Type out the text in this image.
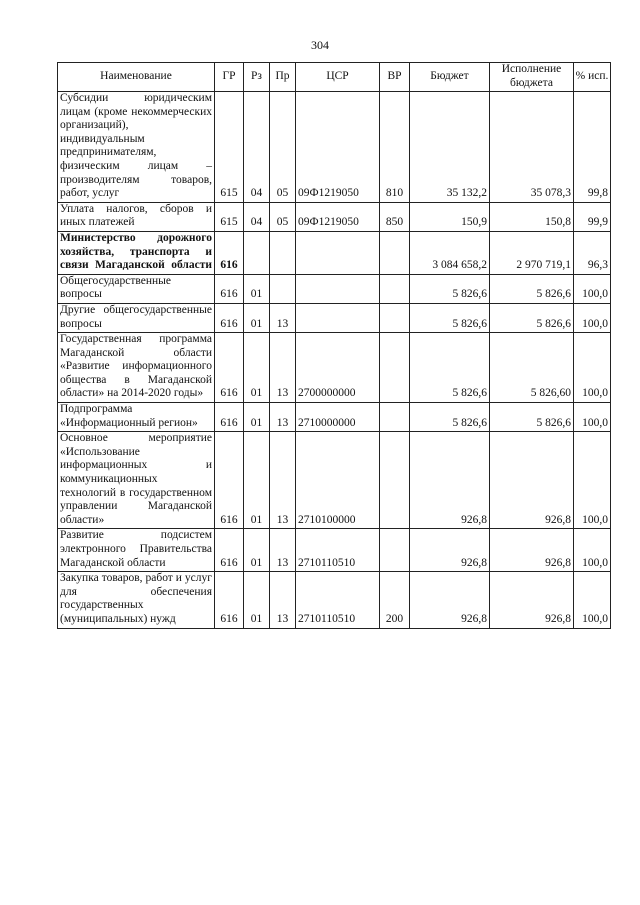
304
Наименование	ГР	Рз	Пр	ЦСР	ВР	Бюджет	Исполнение бюджета	% исп.
Субсидии юридическим лицам (кроме некоммерческих организаций), индивидуальным предпринимателям, физическим лицам – производителям товаров, работ, услуг	615	04	05	09Ф1219050	810	35 132,2	35 078,3	99,8
Уплата налогов, сборов и иных платежей	615	04	05	09Ф1219050	850	150,9	150,8	99,9
Министерство дорожного хозяйства, транспорта и связи Магаданской области	616					3 084 658,2	2 970 719,1	96,3
Общегосударственные вопросы	616	01				5 826,6	5 826,6	100,0
Другие общегосударственные вопросы	616	01	13			5 826,6	5 826,6	100,0
Государственная программа Магаданской области «Развитие информационного общества в Магаданской области» на 2014-2020 годы»	616	01	13	2700000000		5 826,6	5 826,60	100,0
Подпрограмма «Информационный регион»	616	01	13	2710000000		5 826,6	5 826,6	100,0
Основное мероприятие «Использование информационных и коммуникационных технологий в государственном управлении Магаданской области»	616	01	13	2710100000		926,8	926,8	100,0
Развитие подсистем электронного Правительства Магаданской области	616	01	13	2710110510		926,8	926,8	100,0
Закупка товаров, работ и услуг для обеспечения государственных (муниципальных) нужд	616	01	13	2710110510	200	926,8	926,8	100,0
